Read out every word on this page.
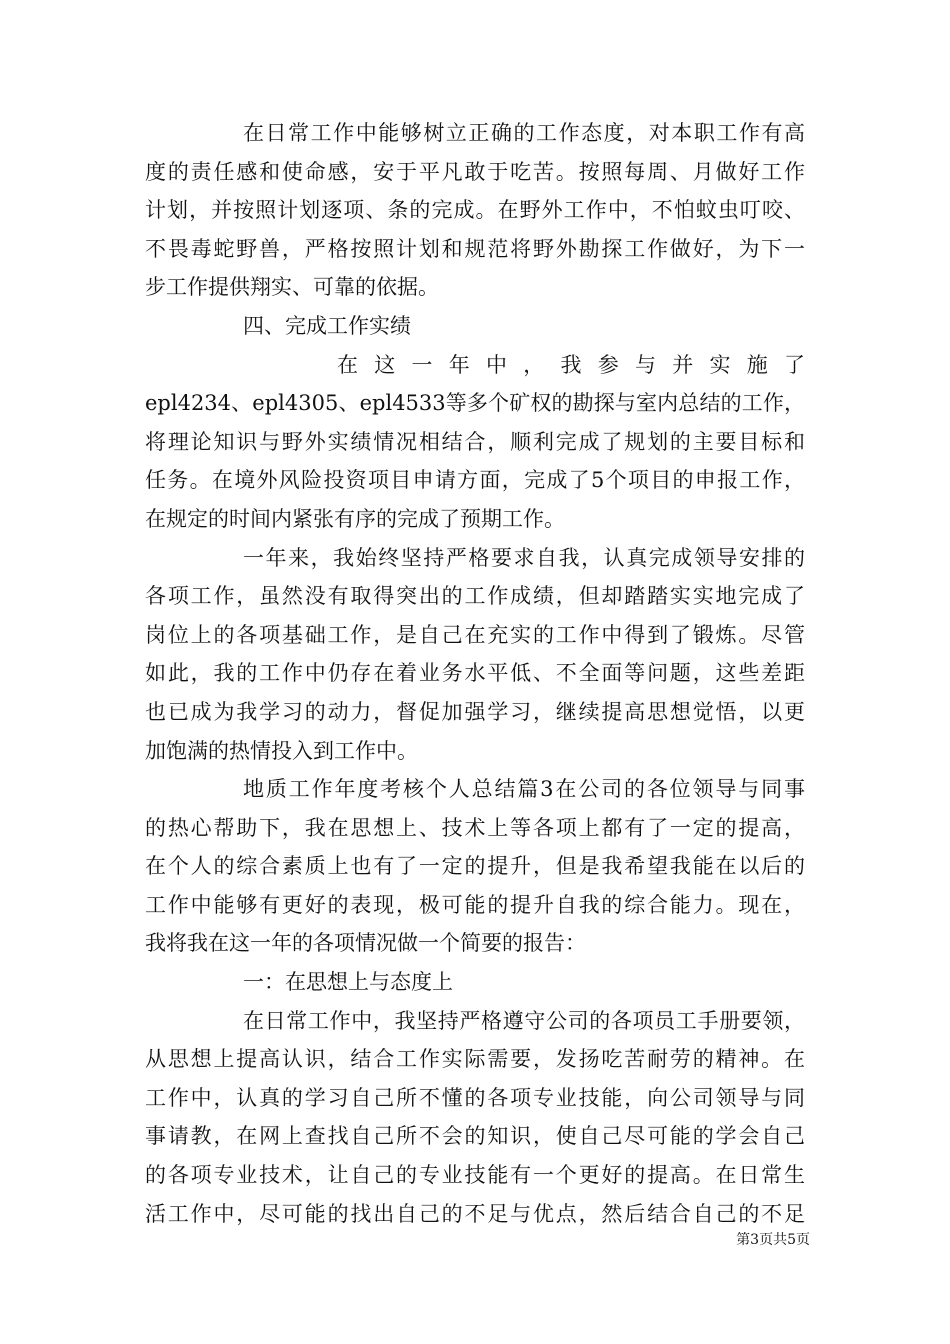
在日常工作中能够树立正确的工作态度，对本职工作有高
度的责任感和使命感，安于平凡敢于吃苦。按照每周、月做好工作
计划，并按照计划逐项、条的完成。在野外工作中，不怕蚊虫叮咬、
不畏毒蛇野兽，严格按照计划和规范将野外勘探工作做好，为下一
步工作提供翔实、可靠的依据。
四、完成工作实绩
在 这 一 年 中 ， 我 参 与 并 实 施 了
epl4234、epl4305、epl4533等多个矿权的勘探与室内总结的工作，
将理论知识与野外实绩情况相结合，顺利完成了规划的主要目标和
任务。在境外风险投资项目申请方面，完成了5个项目的申报工作，
在规定的时间内紧张有序的完成了预期工作。
一年来，我始终坚持严格要求自我，认真完成领导安排的
各项工作，虽然没有取得突出的工作成绩，但却踏踏实实地完成了
岗位上的各项基础工作，是自己在充实的工作中得到了锻炼。尽管
如此，我的工作中仍存在着业务水平低、不全面等问题，这些差距
也已成为我学习的动力，督促加强学习，继续提高思想觉悟，以更
加饱满的热情投入到工作中。
地质工作年度考核个人总结篇3在公司的各位领导与同事
的热心帮助下，我在思想上、技术上等各项上都有了一定的提高，
在个人的综合素质上也有了一定的提升，但是我希望我能在以后的
工作中能够有更好的表现，极可能的提升自我的综合能力。现在，
我将我在这一年的各项情况做一个简要的报告：
一：在思想上与态度上
在日常工作中，我坚持严格遵守公司的各项员工手册要领，
从思想上提高认识，结合工作实际需要，发扬吃苦耐劳的精神。在
工作中，认真的学习自己所不懂的各项专业技能，向公司领导与同
事请教，在网上查找自己所不会的知识，使自己尽可能的学会自己
的各项专业技术，让自己的专业技能有一个更好的提高。在日常生
活工作中，尽可能的找出自己的不足与优点，然后结合自己的不足
第3页共5页
